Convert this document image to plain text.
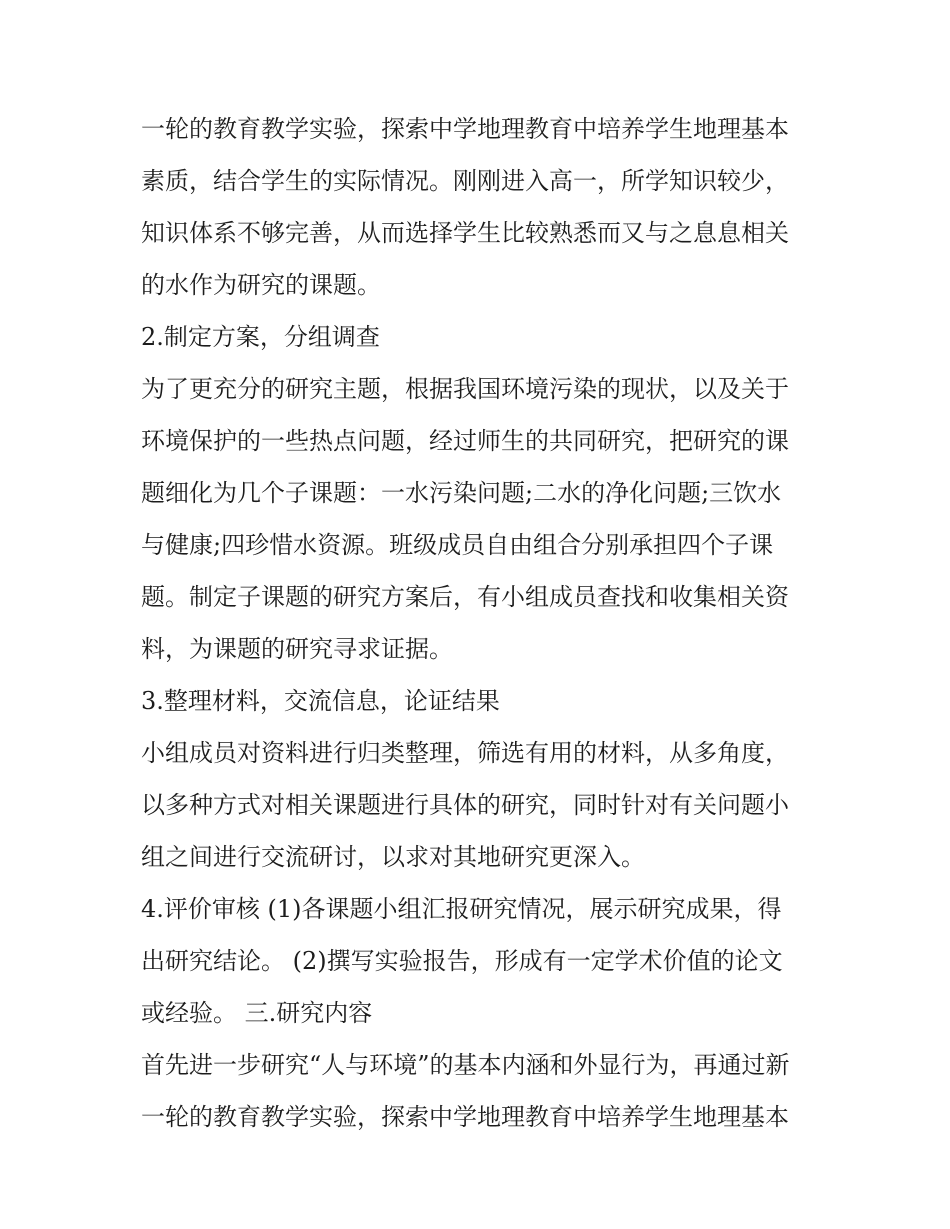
一轮的教育教学实验，探索中学地理教育中培养学生地理基本
素质，结合学生的实际情况。刚刚进入高一，所学知识较少，
知识体系不够完善，从而选择学生比较熟悉而又与之息息相关
的水作为研究的课题。
2.制定方案，分组调查
为了更充分的研究主题，根据我国环境污染的现状，以及关于
环境保护的一些热点问题，经过师生的共同研究，把研究的课
题细化为几个子课题：一水污染问题;二水的净化问题;三饮水
与健康;四珍惜水资源。班级成员自由组合分别承担四个子课
题。制定子课题的研究方案后，有小组成员查找和收集相关资
料，为课题的研究寻求证据。
3.整理材料，交流信息，论证结果
小组成员对资料进行归类整理，筛选有用的材料，从多角度，
以多种方式对相关课题进行具体的研究，同时针对有关问题小
组之间进行交流研讨，以求对其地研究更深入。
4.评价审核 (1)各课题小组汇报研究情况，展示研究成果，得
出研究结论。 (2)撰写实验报告，形成有一定学术价值的论文
或经验。 三.研究内容
首先进一步研究“人与环境”的基本内涵和外显行为，再通过新
一轮的教育教学实验，探索中学地理教育中培养学生地理基本
